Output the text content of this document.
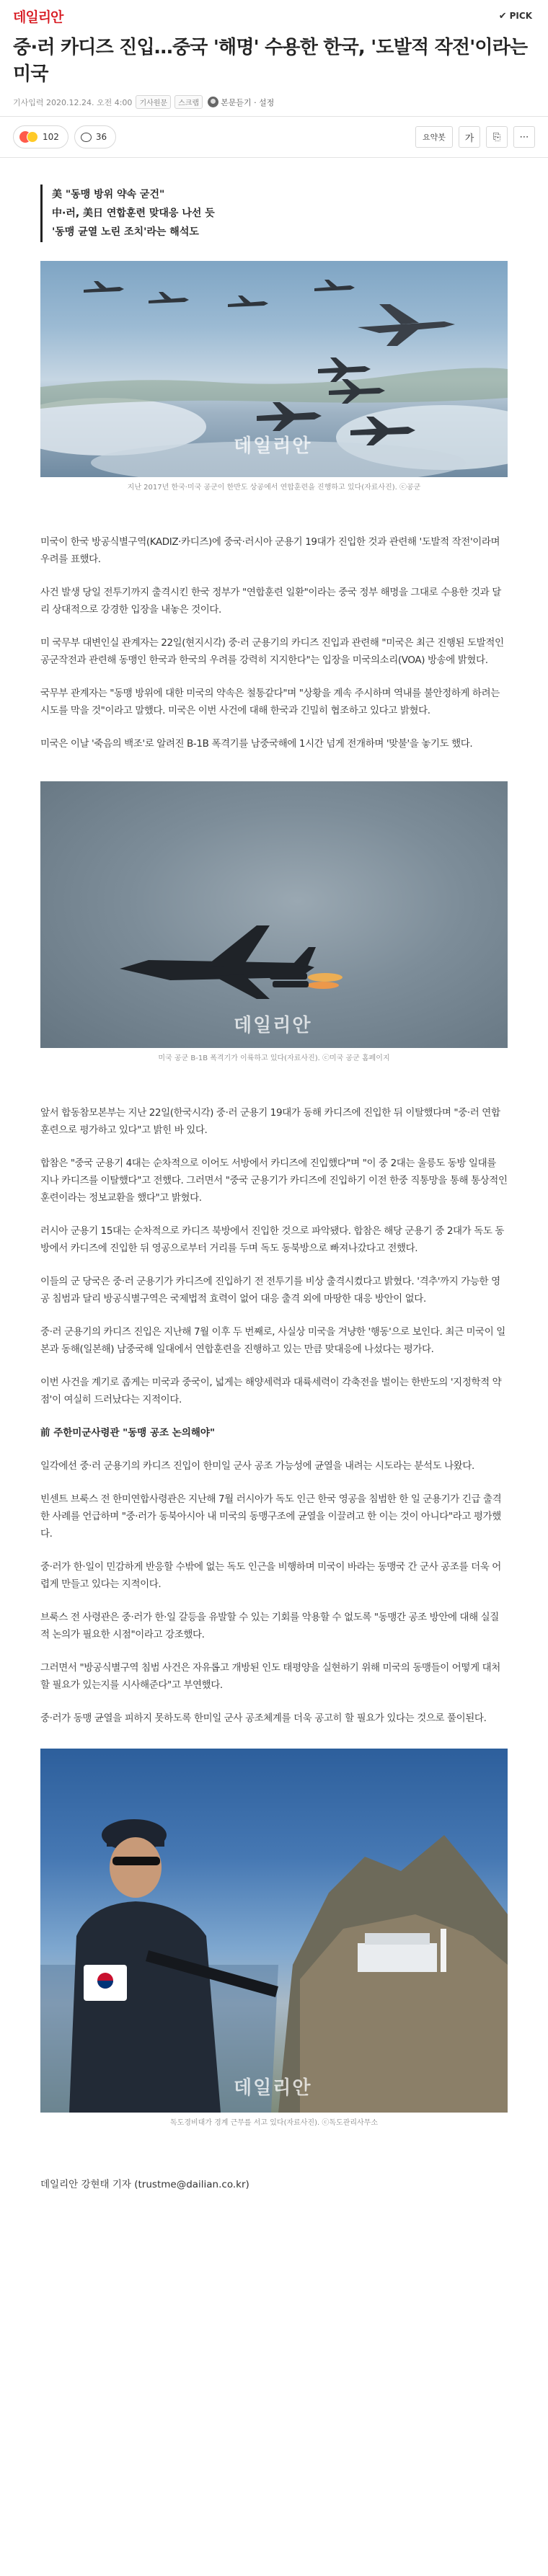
데일리안	✔ PICK
중·러 카디즈 진입…중국 '해명' 수용한 한국, '도발적 작전'이라는 미국
기사입력 2020.12.24. 오전 4:00	기사원문	스크랩	본문듣기 · 설정
102	36	요약봇	가	⎘	⋯

美 "동맹 방위 약속 굳건"

中·러, 美日 연합훈련 맞대응 나선 듯

'동맹 균열 노린 조치'라는 해석도

데일리안
지난 2017년 한국·미국 공군이 한반도 상공에서 연합훈련을 진행하고 있다(자료사진). ⓒ공군

미국이 한국 방공식별구역(KADIZ·카디즈)에 중국·러시아 군용기 19대가 진입한 것과 관련해 '도발적 작전'이라며 우려를 표했다.

사건 발생 당일 전투기까지 출격시킨 한국 정부가 "연합훈련 일환"이라는 중국 정부 해명을 그대로 수용한 것과 달리 상대적으로 강경한 입장을 내놓은 것이다.

미 국무부 대변인실 관계자는 22일(현지시각) 중·러 군용기의 카디즈 진입과 관련해 "미국은 최근 진행된 도발적인 공군작전과 관련해 동맹인 한국과 한국의 우려를 강력히 지지한다"는 입장을 미국의소리(VOA) 방송에 밝혔다.

국무부 관계자는 "동맹 방위에 대한 미국의 약속은 철통같다"며 "상황을 계속 주시하며 역내를 불안정하게 하려는 시도를 막을 것"이라고 말했다. 미국은 이번 사건에 대해 한국과 긴밀히 협조하고 있다고 밝혔다.

미국은 이날 '죽음의 백조'로 알려진 B-1B 폭격기를 남중국해에 1시간 넘게 전개하며 '맞불'을 놓기도 했다.

데일리안
미국 공군 B-1B 폭격기가 이륙하고 있다(자료사진). ⓒ미국 공군 홈페이지

앞서 합동참모본부는 지난 22일(한국시각) 중·러 군용기 19대가 동해 카디즈에 진입한 뒤 이탈했다며 "중·러 연합훈련으로 평가하고 있다"고 밝힌 바 있다.

합참은 "중국 군용기 4대는 순차적으로 이어도 서방에서 카디즈에 진입했다"며 "이 중 2대는 울릉도 동방 일대를 지나 카디즈를 이탈했다"고 전했다. 그러면서 "중국 군용기가 카디즈에 진입하기 이전 한중 직통망을 통해 통상적인 훈련이라는 정보교환을 했다"고 밝혔다.

러시아 군용기 15대는 순차적으로 카디즈 북방에서 진입한 것으로 파악됐다. 합참은 해당 군용기 중 2대가 독도 동방에서 카디즈에 진입한 뒤 영공으로부터 거리를 두며 독도 동북방으로 빠져나갔다고 전했다.

이들의 군 당국은 중·러 군용기가 카디즈에 진입하기 전 전투기를 비상 출격시켰다고 밝혔다. '격추'까지 가능한 영공 침범과 달리 방공식별구역은 국제법적 효력이 없어 대응 출격 외에 마땅한 대응 방안이 없다.

중·러 군용기의 카디즈 진입은 지난해 7월 이후 두 번째로, 사실상 미국을 겨냥한 '행동'으로 보인다. 최근 미국이 일본과 동해(일본해) 남중국해 일대에서 연합훈련을 진행하고 있는 만큼 맞대응에 나섰다는 평가다.

이번 사건을 계기로 좁게는 미국과 중국이, 넓게는 해양세력과 대륙세력이 각축전을 벌이는 한반도의 '지정학적 약점'이 여실히 드러났다는 지적이다.

前 주한미군사령관 "동맹 공조 논의해야"

일각에선 중·러 군용기의 카디즈 진입이 한미일 군사 공조 가능성에 균열을 내려는 시도라는 분석도 나왔다.

빈센트 브룩스 전 한미연합사령관은 지난해 7월 러시아가 독도 인근 한국 영공을 침범한 한 일 군용기가 긴급 출격한 사례를 언급하며 "중·러가 동북아시아 내 미국의 동맹구조에 균열을 이끌려고 한 이는 것이 아니다"라고 평가했다.

중·러가 한·일이 민감하게 반응할 수밖에 없는 독도 인근을 비행하며 미국이 바라는 동맹국 간 군사 공조를 더욱 어렵게 만들고 있다는 지적이다.

브룩스 전 사령관은 중·러가 한·일 갈등을 유발할 수 있는 기회를 악용할 수 없도록 "동맹간 공조 방안에 대해 실질적 논의가 필요한 시점"이라고 강조했다.

그러면서 "방공식별구역 침범 사건은 자유롭고 개방된 인도 태평양을 실현하기 위해 미국의 동맹들이 어떻게 대처할 필요가 있는지를 시사해준다"고 부연했다.

중·러가 동맹 균열을 피하지 못하도록 한미일 군사 공조체계를 더욱 공고히 할 필요가 있다는 것으로 풀이된다.

데일리안
독도경비대가 경계 근무를 서고 있다(자료사진). ⓒ독도관리사무소

데일리안 강현태 기자 (trustme@dailian.co.kr)
